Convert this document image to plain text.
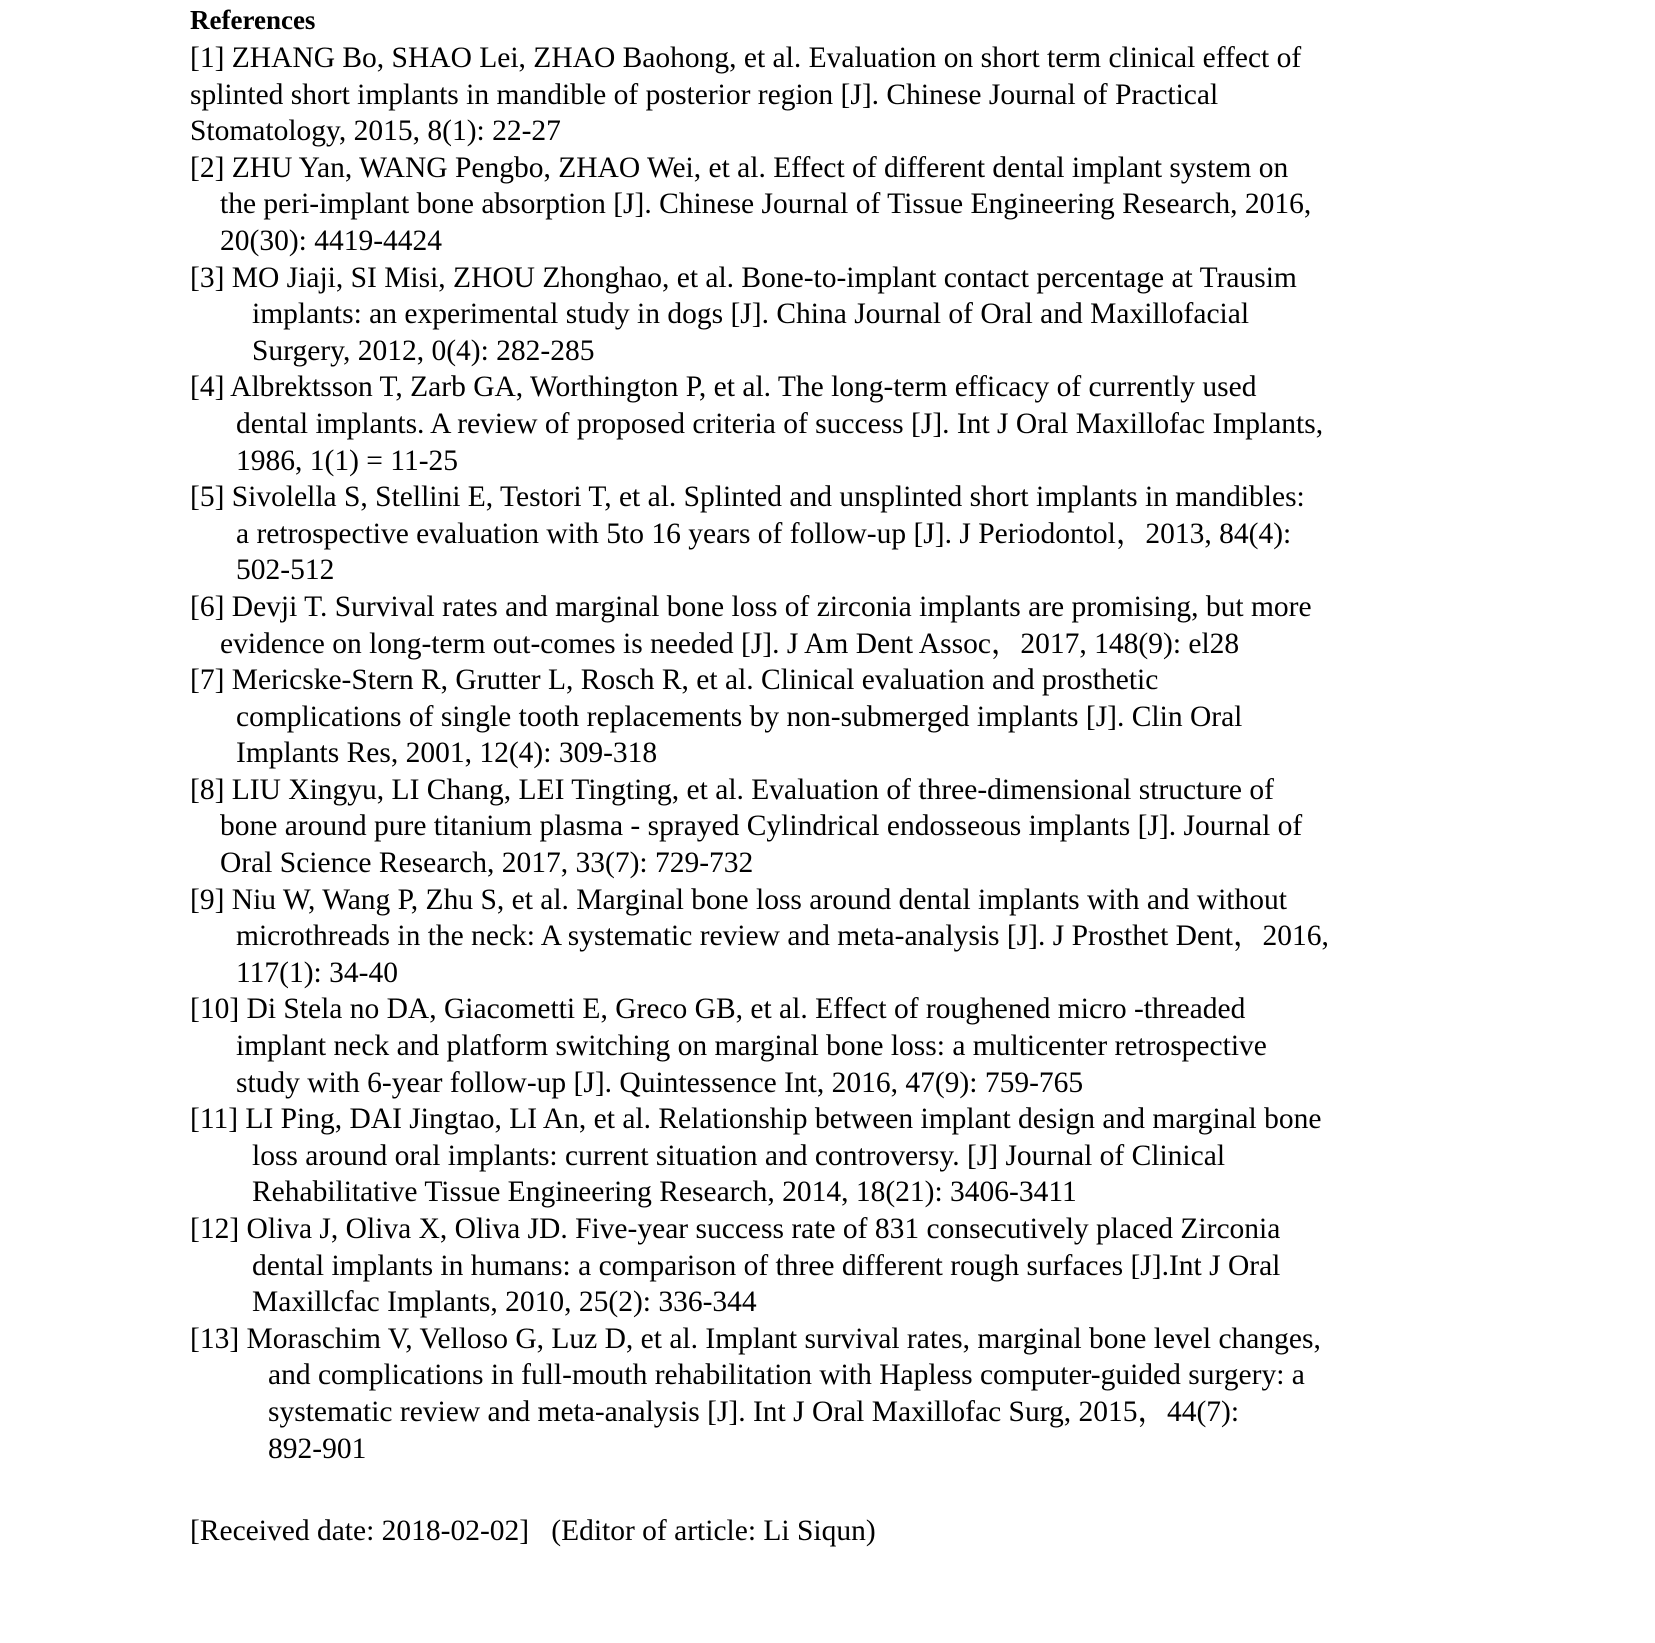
References
[1] ZHANG Bo, SHAO Lei, ZHAO Baohong, et al. Evaluation on short term clinical effect of
splinted short implants in mandible of posterior region [J]. Chinese Journal of Practical
Stomatology, 2015, 8(1): 22-27
[2] ZHU Yan, WANG Pengbo, ZHAO Wei, et al. Effect of different dental implant system on
the peri-implant bone absorption [J]. Chinese Journal of Tissue Engineering Research, 2016,
20(30): 4419-4424
[3] MO Jiaji, SI Misi, ZHOU Zhonghao, et al. Bone-to-implant contact percentage at Trausim
implants: an experimental study in dogs [J]. China Journal of Oral and Maxillofacial
Surgery, 2012, 0(4): 282-285
[4] Albrektsson T, Zarb GA, Worthington P, et al. The long-term efficacy of currently used
dental implants. A review of proposed criteria of success [J]. Int J Oral Maxillofac Implants,
1986, 1(1) = 11-25
[5] Sivolella S, Stellini E, Testori T, et al. Splinted and unsplinted short implants in mandibles:
a retrospective evaluation with 5to 16 years of follow-up [J]. J Periodontol，2013, 84(4):
502-512
[6] Devji T. Survival rates and marginal bone loss of zirconia implants are promising, but more
evidence on long-term out-comes is needed [J]. J Am Dent Assoc，2017, 148(9): el28
[7] Mericske-Stern R, Grutter L, Rosch R, et al. Clinical evaluation and prosthetic
complications of single tooth replacements by non-submerged implants [J]. Clin Oral
Implants Res, 2001, 12(4): 309-318
[8] LIU Xingyu, LI Chang, LEI Tingting, et al. Evaluation of three-dimensional structure of
bone around pure titanium plasma - sprayed Cylindrical endosseous implants [J]. Journal of
Oral Science Research, 2017, 33(7): 729-732
[9] Niu W, Wang P, Zhu S, et al. Marginal bone loss around dental implants with and without
microthreads in the neck: A systematic review and meta-analysis [J]. J Prosthet Dent，2016,
117(1): 34-40
[10] Di Stela no DA, Giacometti E, Greco GB, et al. Effect of roughened micro -threaded
implant neck and platform switching on marginal bone loss: a multicenter retrospective
study with 6-year follow-up [J]. Quintessence Int, 2016, 47(9): 759-765
[11] LI Ping, DAI Jingtao, LI An, et al. Relationship between implant design and marginal bone
loss around oral implants: current situation and controversy. [J] Journal of Clinical
Rehabilitative Tissue Engineering Research, 2014, 18(21): 3406-3411
[12] Oliva J, Oliva X, Oliva JD. Five-year success rate of 831 consecutively placed Zirconia
dental implants in humans: a comparison of three different rough surfaces [J].Int J Oral
Maxillcfac Implants, 2010, 25(2): 336-344
[13] Moraschim V, Velloso G, Luz D, et al. Implant survival rates, marginal bone level changes,
and complications in full-mouth rehabilitation with Hapless computer-guided surgery: a
systematic review and meta-analysis [J]. Int J Oral Maxillofac Surg, 2015，44(7):
892-901
[Received date: 2018-02-02] (Editor of article: Li Siqun)
